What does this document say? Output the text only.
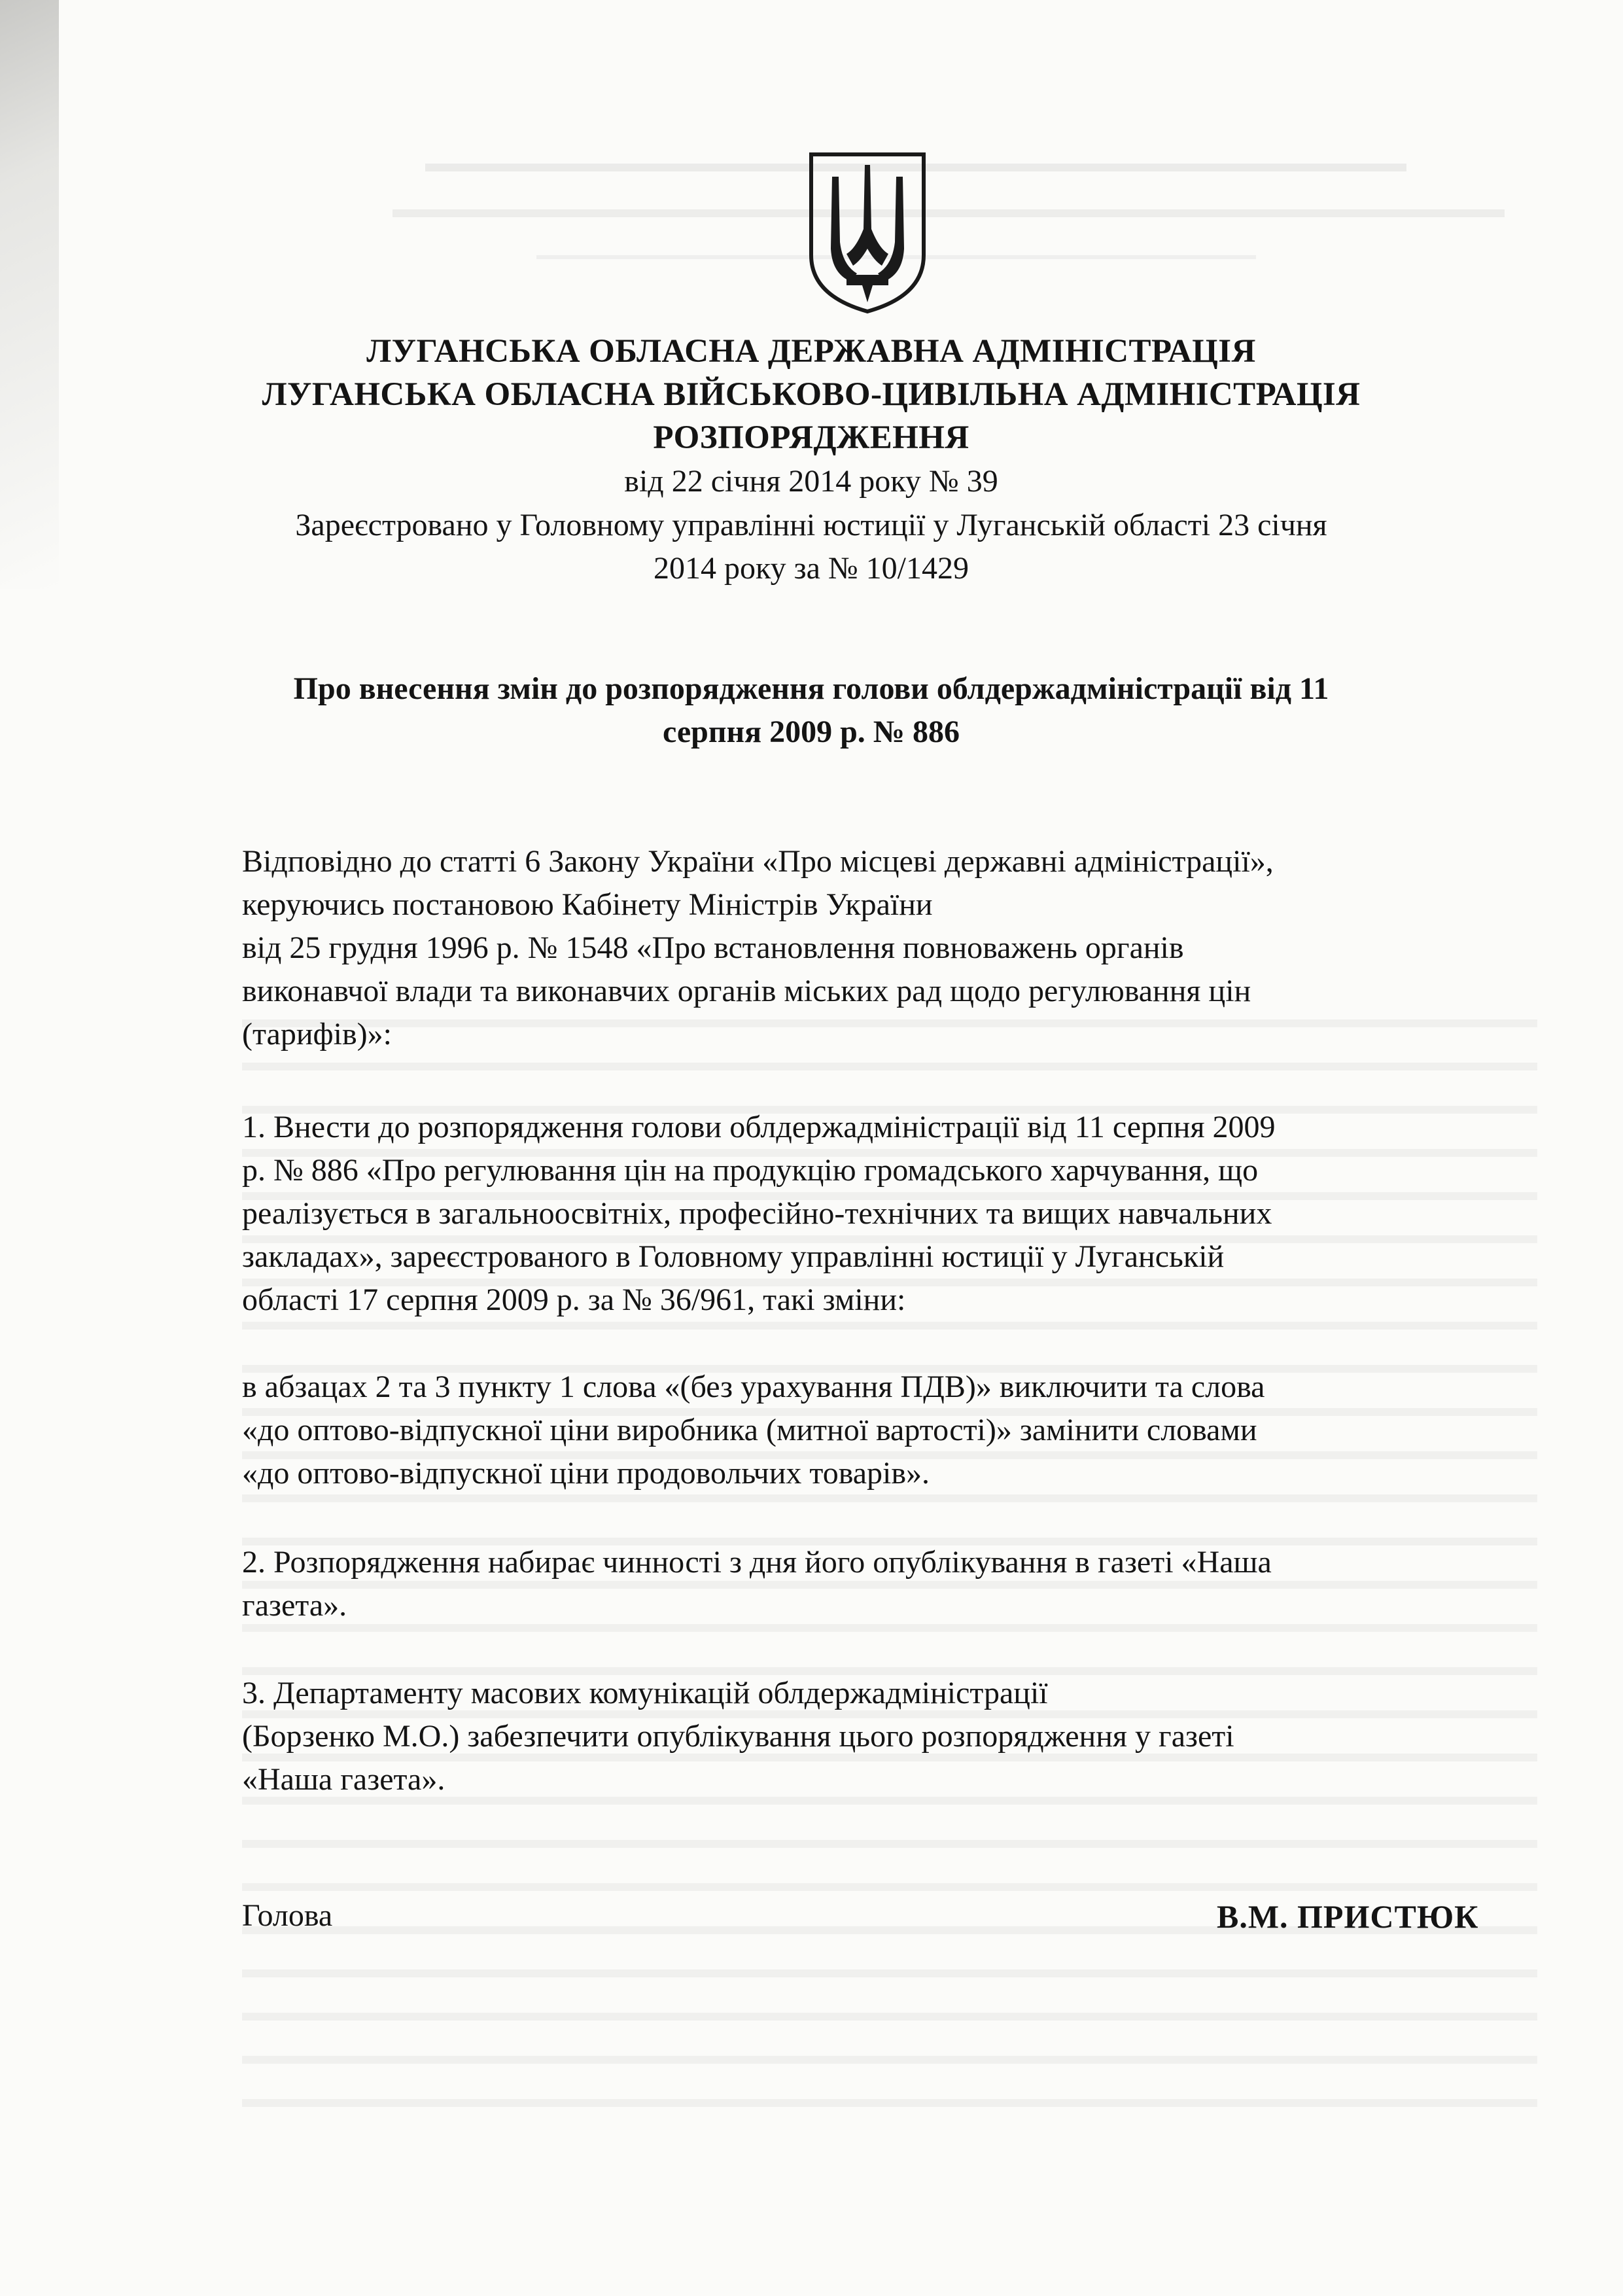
ЛУГАНСЬКА ОБЛАСНА ДЕРЖАВНА АДМІНІСТРАЦІЯ
ЛУГАНСЬКА ОБЛАСНА ВІЙСЬКОВО-ЦИВІЛЬНА АДМІНІСТРАЦІЯ
РОЗПОРЯДЖЕННЯ
від 22 січня 2014 року № 39
Зареєстровано у Головному управлінні юстиції у Луганській області 23 січня
2014 року за № 10/1429
Про внесення змін до розпорядження голови облдержадміністрації від 11
серпня 2009 р. № 886

Відповідно до статті 6 Закону України «Про місцеві державні адміністрації»,

керуючись постановою Кабінету Міністрів України

від 25 грудня 1996 р. № 1548 «Про встановлення повноважень органів

виконавчої влади та виконавчих органів міських рад щодо регулювання цін

(тарифів)»:

1. Внести до розпорядження голови облдержадміністрації від 11 серпня 2009

р. № 886 «Про регулювання цін на продукцію громадського харчування, що

реалізується в загальноосвітніх, професійно-технічних та вищих навчальних

закладах», зареєстрованого в Головному управлінні юстиції у Луганській

області 17 серпня 2009 р. за № 36/961, такі зміни:

в абзацах 2 та 3 пункту 1 слова «(без урахування ПДВ)» виключити та слова

«до оптово-відпускної ціни виробника (митної вартості)» замінити словами

«до оптово-відпускної ціни продовольчих товарів».

2. Розпорядження набирає чинності з дня його опублікування в газеті «Наша

газета».

3. Департаменту масових комунікацій облдержадміністрації

(Борзенко М.О.) забезпечити опублікування цього розпорядження у газеті

«Наша газета».

Голова	В.М. ПРИСТЮК
